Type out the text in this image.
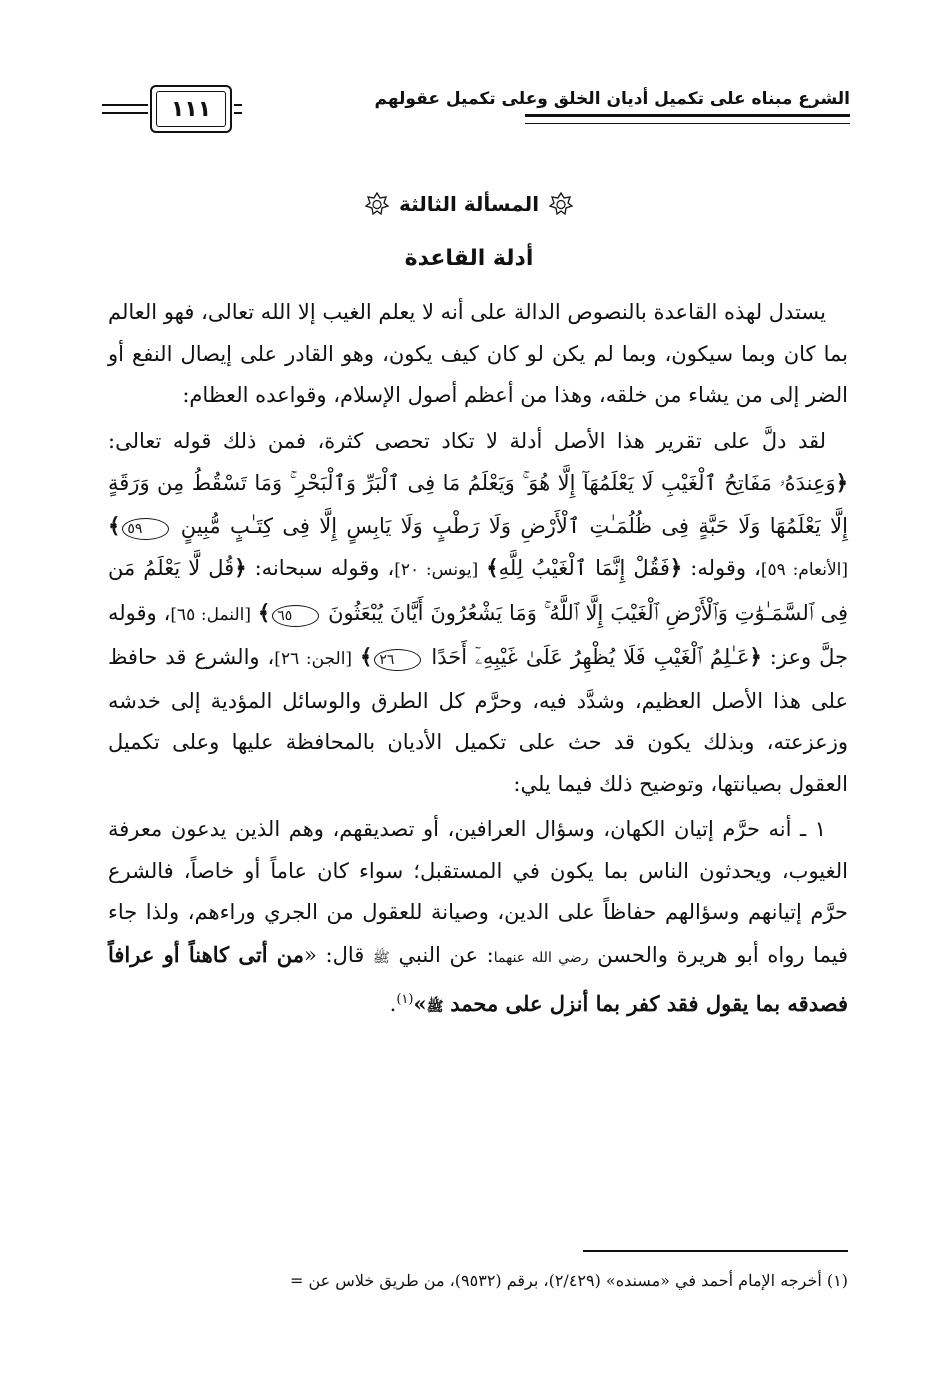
الشرع مبناه على تكميل أديان الخلق وعلى تكميل عقولهم
١١١
المسألة الثالثة
أدلة القاعدة

يستدل لهذه القاعدة بالنصوص الدالة على أنه لا يعلم الغيب إلا الله تعالى، فهو العالم بما كان وبما سيكون، وبما لم يكن لو كان كيف يكون، وهو القادر على إيصال النفع أو الضر إلى من يشاء من خلقه، وهذا من أعظم أصول الإسلام، وقواعده العظام:

لقد دلَّ على تقرير هذا الأصل أدلة لا تكاد تحصى كثرة، فمن ذلك قوله تعالى: ﴿وَعِندَهُۥ مَفَاتِحُ ٱلْغَيْبِ لَا يَعْلَمُهَآ إِلَّا هُوَ ۚ وَيَعْلَمُ مَا فِى ٱلْبَرِّ وَٱلْبَحْرِ ۚ وَمَا تَسْقُطُ مِن وَرَقَةٍ إِلَّا يَعْلَمُهَا وَلَا حَبَّةٍ فِى ظُلُمَـٰتِ ٱلْأَرْضِ وَلَا رَطْبٍ وَلَا يَابِسٍ إِلَّا فِى كِتَـٰبٍ مُّبِينٍ ٥٩﴾ [الأنعام: ٥٩]، وقوله: ﴿فَقُلْ إِنَّمَا ٱلْغَيْبُ لِلَّهِ﴾ [يونس: ٢٠]، وقوله سبحانه: ﴿قُل لَّا يَعْلَمُ مَن فِى ٱلسَّمَـٰوَٰتِ وَٱلْأَرْضِ ٱلْغَيْبَ إِلَّا ٱللَّهُ ۚ وَمَا يَشْعُرُونَ أَيَّانَ يُبْعَثُونَ ٦٥﴾ [النمل: ٦٥]، وقوله جلَّ وعز: ﴿عَـٰلِمُ ٱلْغَيْبِ فَلَا يُظْهِرُ عَلَىٰ غَيْبِهِۦٓ أَحَدًا ٢٦﴾ [الجن: ٢٦]، والشرع قد حافظ على هذا الأصل العظيم، وشدَّد فيه، وحرَّم كل الطرق والوسائل المؤدية إلى خدشه وزعزعته، وبذلك يكون قد حث على تكميل الأديان بالمحافظة عليها وعلى تكميل العقول بصيانتها، وتوضيح ذلك فيما يلي:

١ ـ أنه حرَّم إتيان الكهان، وسؤال العرافين، أو تصديقهم، وهم الذين يدعون معرفة الغيوب، ويحدثون الناس بما يكون في المستقبل؛ سواء كان عاماً أو خاصاً، فالشرع حرَّم إتيانهم وسؤالهم حفاظاً على الدين، وصيانة للعقول من الجري وراءهم، ولذا جاء فيما رواه أبو هريرة والحسن رضي الله عنهما: عن النبي ﷺ قال: «من أتى كاهناً أو عرافاً فصدقه بما يقول فقد كفر بما أنزل على محمد ﷺ»$^{(١)}$.

(١) أخرجه الإمام أحمد في «مسنده» (٢/٤٢٩)، برقم (٩٥٣٢)، من طريق خلاس عن =
